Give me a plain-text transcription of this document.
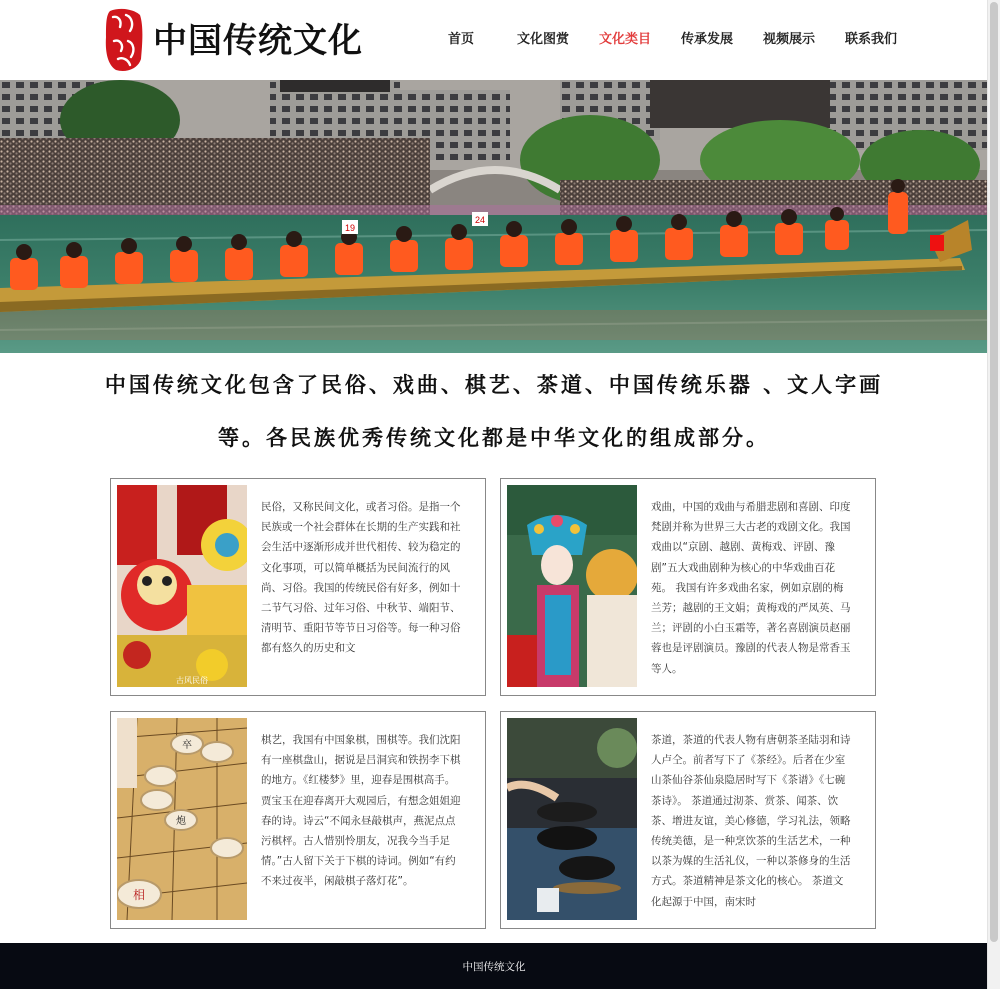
中国传统文化	首页	文化图赏	文化类目	传承发展	视频展示	联系我们
19
24
中国传统文化包含了民俗、戏曲、棋艺、茶道、中国传统乐器 、文人字画
等。各民族优秀传统文化都是中华文化的组成部分。
古风民俗
民俗，又称民间文化，或者习俗。是指一个民族或一个社会群体在长期的生产实践和社会生活中逐渐形成并世代相传、较为稳定的文化事项，可以简单概括为民间流行的风尚、习俗。我国的传统民俗有好多，例如十二节气习俗、过年习俗、中秋节、端阳节、清明节、重阳节等节日习俗等。每一种习俗都有悠久的历史和文
戏曲，中国的戏曲与希腊悲剧和喜剧、印度梵剧并称为世界三大古老的戏剧文化。我国戏曲以“京剧、越剧、黄梅戏、评剧、豫剧”五大戏曲剧种为核心的中华戏曲百花苑。 我国有许多戏曲名家，例如京剧的梅兰芳；越剧的王文娟；黄梅戏的严凤英、马兰；评剧的小白玉霜等，著名喜剧演员赵丽蓉也是评剧演员。豫剧的代表人物是常香玉等人。
卒
炮
相
棋艺，我国有中国象棋，围棋等。我们沈阳有一座棋盘山，据说是吕洞宾和铁拐李下棋的地方。《红楼梦》里，迎春是围棋高手。贾宝玉在迎春离开大观园后，有想念姐姐迎春的诗。诗云“不闻永昼敲棋声，燕泥点点污棋枰。古人惜别怜朋友，况我今当手足情。”古人留下关于下棋的诗词。例如“有约不来过夜半，闲敲棋子落灯花”。
茶道，茶道的代表人物有唐朝茶圣陆羽和诗人卢仝。前者写下了《茶经》。后者在少室山茶仙谷茶仙泉隐居时写下《茶谱》《七碗茶诗》。 茶道通过沏茶、赏茶、闻茶、饮茶、增进友谊，美心修德，学习礼法，领略传统美德，是一种烹饮茶的生活艺术，一种以茶为媒的生活礼仪，一种以茶修身的生活方式。茶道精神是茶文化的核心。 茶道文化起源于中国，南宋时
中国传统文化
